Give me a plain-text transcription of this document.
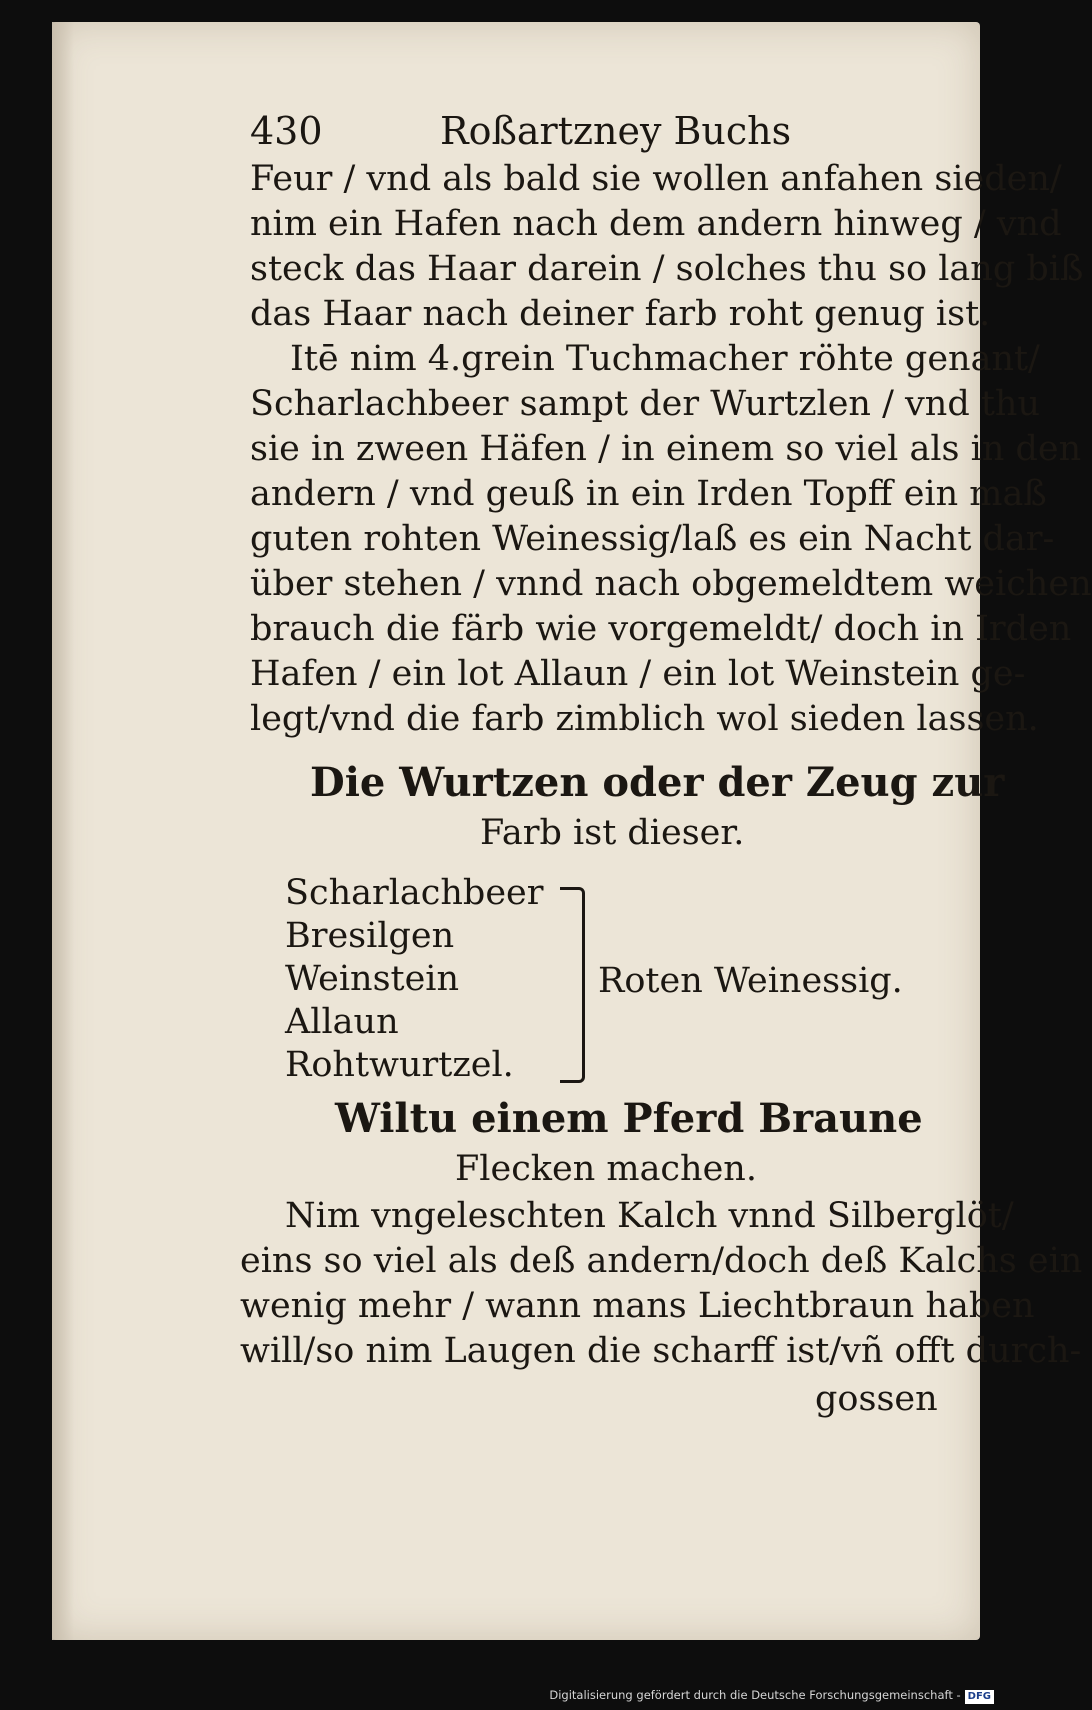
430	Roßartzney Buchs
Feur / vnd als bald sie wollen anfahen sieden/
nim ein Hafen nach dem andern hinweg / vnd
steck das Haar darein / solches thu so lang biß
das Haar nach deiner farb roht genug ist.
Itē nim 4.grein Tuchmacher röhte genant/
Scharlachbeer sampt der Wurtzlen / vnd thu
sie in zween Häfen / in einem so viel als in den
andern / vnd geuß in ein Irden Topff ein maß
guten rohten Weinessig/laß es ein Nacht dar-
über stehen / vnnd nach obgemeldtem weichen
brauch die färb wie vorgemeldt/ doch in Irden
Hafen / ein lot Allaun / ein lot Weinstein ge-
legt/vnd die farb zimblich wol sieden lassen.
Die Wurtzen oder der Zeug zur
Farb ist dieser.
Scharlachbeer
Bresilgen
Weinstein
Allaun
Rohtwurtzel.
Roten Weinessig.
Wiltu einem Pferd Braune
Flecken machen.
Nim vngeleschten Kalch vnnd Silberglöt/
eins so viel als deß andern/doch deß Kalchs ein
wenig mehr / wann mans Liechtbraun haben
will/so nim Laugen die scharff ist/vñ offt durch-
gossen
Digitalisierung gefördert durch die Deutsche Forschungsgemeinschaft - DFG
